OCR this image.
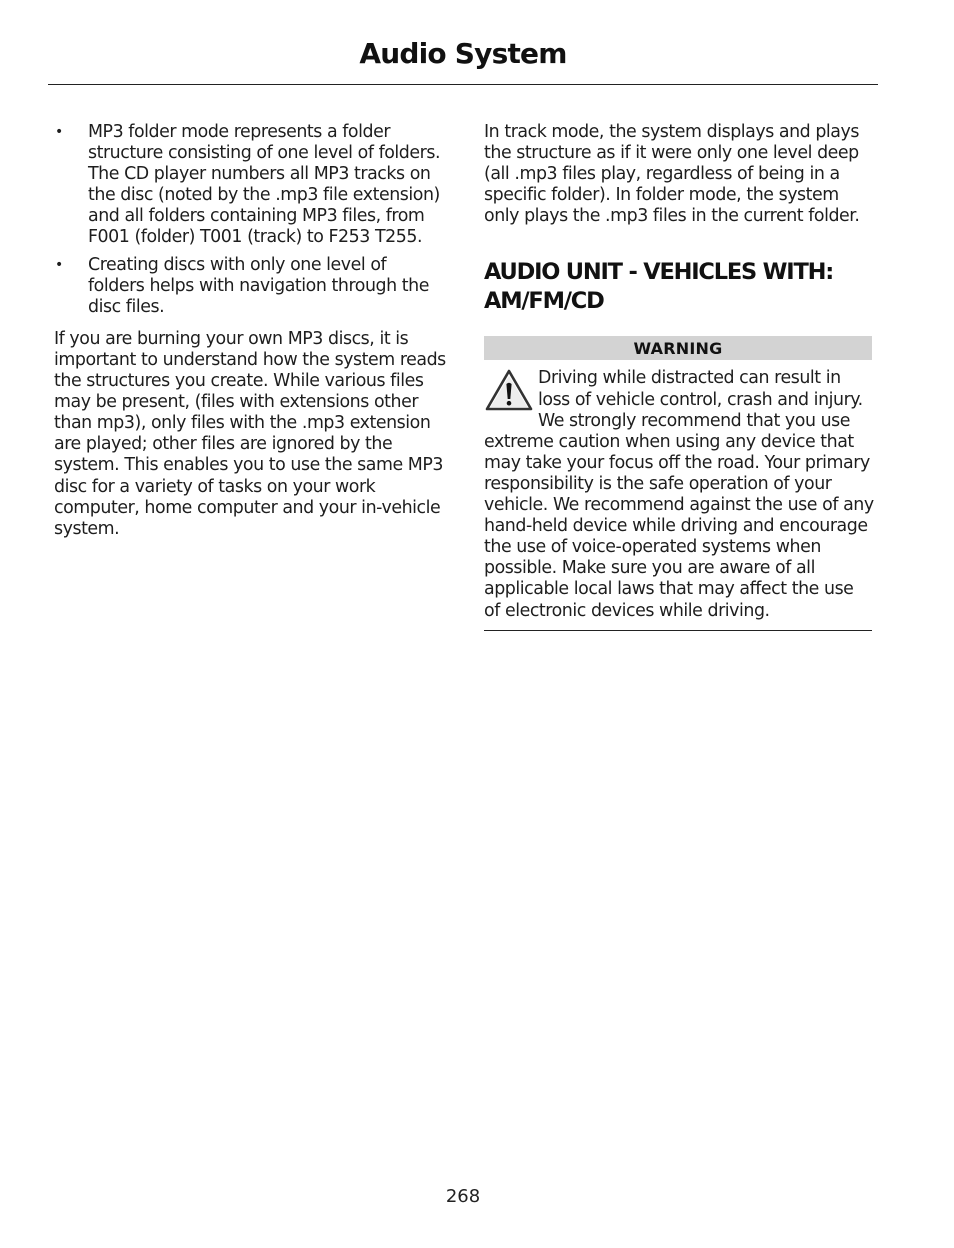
Audio System
• MP3 folder mode represents a folder structure consisting of one level of folders. The CD player numbers all MP3 tracks on the disc (noted by the .mp3 file extension) and all folders containing MP3 files, from F001 (folder) T001 (track) to F253 T255.
• Creating discs with only one level of folders helps with navigation through the disc files.

If you are burning your own MP3 discs, it is important to understand how the system reads the structures you create. While various files may be present, (files with extensions other than mp3), only files with the .mp3 extension are played; other files are ignored by the system. This enables you to use the same MP3 disc for a variety of tasks on your work computer, home computer and your in-vehicle system.

In track mode, the system displays and plays the structure as if it were only one level deep (all .mp3 files play, regardless of being in a specific folder). In folder mode, the system only plays the .mp3 files in the current folder.

AUDIO UNIT - VEHICLES WITH: AM/FM/CD
WARNING
Driving while distracted can result in loss of vehicle control, crash and injury. We strongly recommend that you use extreme caution when using any device that may take your focus off the road. Your primary responsibility is the safe operation of your vehicle. We recommend against the use of any hand-held device while driving and encourage the use of voice-operated systems when possible. Make sure you are aware of all applicable local laws that may affect the use of electronic devices while driving.
268
